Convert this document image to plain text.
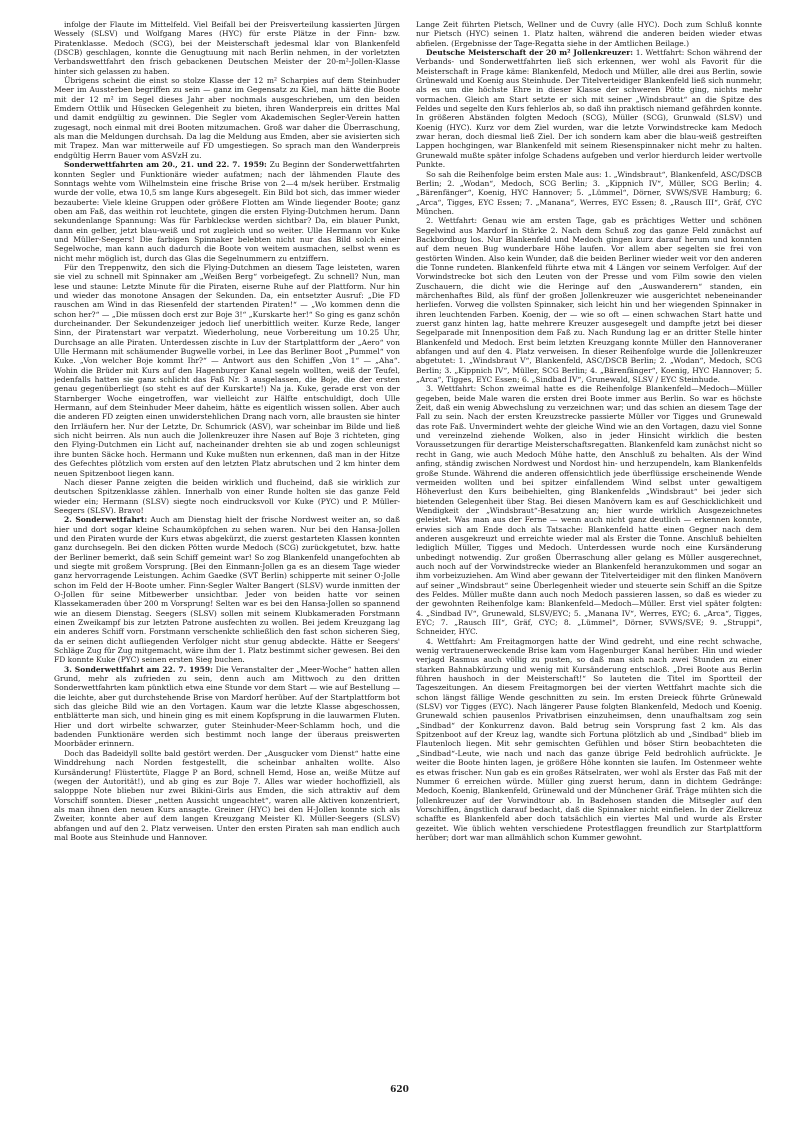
infolge der Flaute im Mittelfeld. Viel Beifall bei der Preisverteilung kassierten Jürgen Wessely (SLSV) und Wolfgang Mares (HYC) für erste Plätze in der Finn- bzw. Piratenklasse. Medoch (SCG), bei der Meisterschaft jedesmal klar von Blankenfeld (DSCB) geschlagen, konnte die Genugtuung mit nach Berlin nehmen, in der vorletzten Verbandswettfahrt den frisch gebackenen Deutschen Meister der 20-m²-Jollen-Klasse hinter sich gelassen zu haben.

Übrigens scheint die einst so stolze Klasse der 12 m² Scharpies auf dem Steinhuder Meer im Aussterben begriffen zu sein — ganz im Gegensatz zu Kiel, man hätte die Boote mit der 12 m² im Segel dieses Jahr aber nochmals ausgeschrieben, um den beiden Emdern Ottlik und Hüsecken Gelegenheit zu bieten, ihren Wanderpreis ein drittes Mal und damit endgültig zu gewinnen. Die Segler vom Akademischen Segler-Verein hatten zugesagt, noch einmal mit drei Booten mitzumachen. Groß war daher die Überraschung, als man die Meldungen durchsah. Da lag die Meldung aus Emden, aber sie avisierten sich mit Trapez. Man war mitterweile auf FD umgestiegen. So sprach man den Wanderpreis endgültig Herrn Bauer vom ASVzH zu.

Sonderwettfahrten am 20., 21. und 22. 7. 1959: Zu Beginn der Sonderwettfahrten konnten Segler und Funktionäre wieder aufatmen; nach der lähmenden Flaute des Sonntags wehte vom Wilhelmstein eine frische Brise von 2—4 m/sek herüber. Erstmalig wurde der volle, etwa 10,5 sm lange Kurs abgesegelt. Ein Bild bot sich, das immer wieder bezauberte: Viele kleine Gruppen oder größere Flotten am Winde liegender Boote; ganz oben am Faß, das weithin rot leuchtete, gingen die ersten Flying-Dutchmen herum. Dann sekundenlange Spannung: Was für Farbkleckse werden sichtbar? Da, ein blauer Punkt, dann ein gelber, jetzt blau-weiß und rot zugleich und so weiter. Ulle Hermann vor Kuke und Müller-Seegers! Die farbigen Spinnaker belebten nicht nur das Bild solch einer Segelwoche, man kann auch dadurch die Boote von weitem ausmachen, selbst wenn es nicht mehr möglich ist, durch das Glas die Segelnummern zu entziffern.

Für den Treppenwitz, den sich die Flying-Dutchmen an diesem Tage leisteten, waren sie viel zu schnell mit Spinnaker am „Weißen Berg“ vorbeigefegt. Zu schnell? Nun, man lese und staune: Letzte Minute für die Piraten, eiserne Ruhe auf der Plattform. Nur hin und wieder das monotone Ansagen der Sekunden. Da, ein entsetzter Ausruf: „Die FD rauschen am Wind in das Riesenfeld der startenden Piraten!“ — „Wo kommen denn die schon her?“ — „Die müssen doch erst zur Boje 3!“ „Kurskarte her!“ So ging es ganz schön durcheinander. Der Sekundenzeiger jedoch lief unerbittlich weiter. Kurze Rede, langer Sinn, der Piratenstart war verpatzt. Wiederholung, neue Vorbereitung um 10.25 Uhr, Durchsage an alle Piraten. Unterdessen zischte in Luv der Startplattform der „Aero“ von Ulle Hermann mit schäumender Bugwelle vorbei, in Lee das Berliner Boot „Pummel“ von Kuke. „Von welcher Boje kommt Ihr?“ — Antwort aus den Schiffen „Von 1“ — „Aha“. Wohin die Brüder mit Kurs auf den Hagenburger Kanal segeln wollten, weiß der Teufel, jedenfalls hatten sie ganz schlicht das Faß Nr. 3 ausgelassen, die Boje, die der ersten genau gegenüberliegt (so steht es auf der Kurskarte!) Na ja. Kuke, gerade erst von der Starnberger Woche eingetroffen, war vielleicht zur Hälfte entschuldigt, doch Ulle Hermann, auf dem Steinhuder Meer daheim, hätte es eigentlich wissen sollen. Aber auch die anderen FD zeigten einen unwiderstehlichen Drang nach vorn, alle brausten sie hinter den Irrläufern her. Nur der Letzte, Dr. Schumrick (ASV), war scheinbar im Bilde und ließ sich nicht beirren. Als nun auch die Jollenkreuzer ihre Nasen auf Boje 3 richteten, ging den Flying-Dutchmen ein Licht auf, nacheinander drehten sie ab und zogen schleunigst ihre bunten Säcke hoch. Hermann und Kuke mußten nun erkennen, daß man in der Hitze des Gefechtes plötzlich vom ersten auf den letzten Platz abrutschen und 2 km hinter dem neuen Spitzenboot liegen kann.

Nach dieser Panne zeigten die beiden wirklich und flucheind, daß sie wirklich zur deutschen Spitzenklasse zählen. Innerhalb von einer Runde holten sie das ganze Feld wieder ein; Hermann (SLSV) siegte noch eindrucksvoll vor Kuke (PYC) und P. Müller-Seegers (SLSV). Bravo!

2. Sonderwettfahrt: Auch am Dienstag hielt der frische Nordwest weiter an, so daß hier und dort sogar kleine Schaumköpfchen zu sehen waren. Nur bei den Hansa-Jollen und den Piraten wurde der Kurs etwas abgekürzt, die zuerst gestarteten Klassen konnten ganz durchsegeln. Bei den dicken Pötten wurde Medoch (SCG) zurückgetutet, bzw. hatte der Berliner bemerkt, daß sein Schiff gemeint war! So zog Blankenfeld unangefochten ab und siegte mit großem Vorsprung. [Bei den Einmann-Jollen ga es an diesem Tage wieder ganz hervorragende Leistungen. Achim Gaedke (SVT Berlin) schipperte mit seiner O-Jolle schon im Feld der H-Boote umher. Finn-Segler Walter Bangert (SLSV) wurde inmitten der O-Jollen für seine Mitbewerber unsichtbar. Jeder von beiden hatte vor seinen Klassekameraden über 200 m Vorsprung! Selten war es bei den Hansa-Jollen so spannend wie an diesem Dienstag. Seegers (SLSV) sollen mit seinem Klubkameraden Forstmann einen Zweikampf bis zur letzten Patrone ausfechten zu wollen. Bei jedem Kreuzgang lag ein anderes Schiff vorn. Forstmann verschenkte schließlich den fast schon sicheren Sieg, da er seinen dicht aufliegenden Verfolger nicht stur genug abdeckte. Hätte er Seegers' Schläge Zug für Zug mitgemacht, wäre ihm der 1. Platz bestimmt sicher gewesen. Bei den FD konnte Kuke (PYC) seinen ersten Sieg buchen.

3. Sonderwettfahrt am 22. 7. 1959: Die Veranstalter der „Meer-Woche“ hatten allen Grund, mehr als zufrieden zu sein, denn auch am Mittwoch zu den dritten Sonderwettfahrten kam pünktlich etwa eine Stunde vor dem Start — wie auf Bestellung — die leichte, aber gut durchstehende Brise von Mardorf herüber. Auf der Startplattform bot sich das gleiche Bild wie an den Vortagen. Kaum war die letzte Klasse abgeschossen, entblätterte man sich, und hinein ging es mit einem Kopfsprung in die lauwarmen Fluten. Hier und dort wirbelte schwarzer, guter Steinhuder-Meer-Schlamm hoch, und die badenden Funktionäre werden sich bestimmt noch lange der überaus preiswerten Moorbäder erinnern.

Doch das Badeidyll sollte bald gestört werden. Der „Ausgucker vom Dienst“ hatte eine Winddrehung nach Norden festgestellt, die scheinbar anhalten wollte. Also Kursänderung! Flüstertüte, Flagge P an Bord, schnell Hemd, Hose an, weiße Mütze auf (wegen der Autorität!), und ab ging es zur Boje 7. Alles war wieder hochoffiziell, als salopppe Note blieben nur zwei Bikini-Girls aus Emden, die sich attraktiv auf dem Vorschiff sonnten. Dieser „netten Aussicht ungeachtet“, waren alle Aktiven konzentriert, als man ihnen den neuen Kurs ansagte. Greiner (HYC) bei den H-Jollen konnte sich als Zweiter, konnte aber auf dem langen Kreuzgang Meister Kl. Müller-Seegers (SLSV) abfangen und auf den 2. Platz verweisen. Unter den ersten Piraten sah man endlich auch mal Boote aus Steinhude und Hannover.

Lange Zeit führten Pietsch, Wellner und de Cuvry (alle HYC). Doch zum Schluß konnte nur Pietsch (HYC) seinen 1. Platz halten, während die anderen beiden wieder etwas abfielen. (Ergebnisse der Tage-Regatta siehe in der Amtlichen Beilage.)

Deutsche Meisterschaft der 20 m² Jollenkreuzer: 1. Wettfahrt: Schon während der Verbands- und Sonderwettfahrten ließ sich erkennen, wer wohl als Favorit für die Meisterschaft in Frage käme: Blankenfeld, Medoch und Müller, alle drei aus Berlin, sowie Grünewald und Koenig aus Steinhude. Der Titelverteidiger Blankenfeld ließ sich nunmehr, als es um die höchste Ehre in dieser Klasse der schweren Pötte ging, nichts mehr vormachen. Gleich am Start setzte er sich mit seiner „Windsbraut“ an die Spitze des Feldes und segelte den Kurs fehlerlos ab, so daß ihn praktisch niemand gefährden konnte. In größeren Abständen folgten Medoch (SCG), Müller (SCG), Grunwald (SLSV) und Koenig (HYC). Kurz vor dem Ziel wurden, war die letzte Vorwindstrecke kam Medoch zwar heran, doch diesmal ließ Ziel. Der ich sondern kam aber die blau-weiß gestreiften Lappen hochgingen, war Blankenfeld mit seinem Riesenspinnaker nicht mehr zu halten. Grunewald mußte später infolge Schadens aufgeben und verlor hierdurch leider wertvolle Punkte.

So sah die Reihenfolge beim ersten Male aus: 1. „Windsbraut“, Blankenfeld, ASC/DSCB Berlin; 2. „Wodan“, Medoch, SCG Berlin; 3. „Kippnich IV“, Müller, SCG Berlin; 4. „Bärenfänger“, Koenig, HYC Hannover; 5. „Lümmel“, Dörner, SVWS/SVE Hamburg; 6. „Arca“, Tigges, EYC Essen; 7. „Manana“, Werres, EYC Essen; 8. „Rausch III“, Gräf, CYC München.

2. Wettfahrt: Genau wie am ersten Tage, gab es prächtiges Wetter und schönen Segelwind aus Mardorf in Stärke 2. Nach dem Schuß zog das ganze Feld zunächst auf Backbordbug los. Nur Blankenfeld und Medoch gingen kurz darauf herum und konnten auf dem neuen Bug wunderbare Höhe laufen. Vor allem aber segelten sie frei von gestörten Winden. Also kein Wunder, daß die beiden Berliner wieder weit vor den anderen die Tonne rundeten. Blankenfeld führte etwa mit 4 Längen vor seinem Verfolger. Auf der Vorwindstrecke bot sich den Leuten von der Presse und vom Film sowie den vielen Zuschauern, die dicht wie die Heringe auf den „Auswanderern“ standen, ein märchenhaftes Bild, als fünf der großen Jollenkreuzer wie ausgerichtet nebeneinander herliefen. Vorweg die vollsten Spinnaker, sich leicht hin und her wiegenden Spinnaker in ihren leuchtenden Farben. Koenig, der — wie so oft — einen schwachen Start hatte und zuerst ganz hinten lag, hatte mehrere Kreuzer ausgesegelt und dampfte jetzt bei dieser Segelparade mit Innenposition dem Faß zu. Nach Rundung lag er an dritter Stelle hinter Blankenfeld und Medoch. Erst beim letzten Kreuzgang konnte Müller den Hannoveraner abfangen und auf den 4. Platz verweisen. In dieser Reihenfolge wurde die Jollenkreuzer abgetutet: 1. „Windsbraut V“, Blankenfeld, ASC/DSCB Berlin; 2. „Wodan“, Medoch, SCG Berlin; 3. „Kippnich IV“, Müller, SCG Berlin; 4. „Bärenfänger“, Koenig, HYC Hannover; 5. „Arca“, Tigges, EYC Essen; 6. „Sindbad IV“, Grunewald, SLSV / EYC Steinhude.

3. Wettfahrt: Schon zweimal hatte es die Reihenfolge Blankenfeld—Medoch—Müller gegeben, beide Male waren die ersten drei Boote immer aus Berlin. So war es höchste Zeit, daß ein wenig Abwechslung zu verzeichnen war; und das schien an diesem Tage der Fall zu sein. Nach der ersten Kreuzstrecke passierte Müller vor Tigges und Grunewald das rote Faß. Unvermindert wehte der gleiche Wind wie an den Vortagen, dazu viel Sonne und vereinzelnd ziehende Wolken, also in jeder Hinsicht wirklich die besten Voraussetzungen für derartige Meisterschaftsregatten. Blankenfeld kam zunächst nicht so recht in Gang, wie auch Medoch Mühe hatte, den Anschluß zu behalten. Als der Wind anfing, ständig zwischen Nordwest und Nordost hin- und herzupendeln, kam Blankenfelds große Stunde. Während die anderen offensichtlich jede überflüssige erscheinende Wende vermeiden wollten und bei spitzer einfallendem Wind selbst unter gewaltigem Höheverlust den Kurs beibehielten, ging Blankenfelds „Windsbraut“ bei jeder sich bietenden Gelegenheit über Stag. Bei diesen Manövern kam es auf Geschicklichkeit und Wendigkeit der „Windsbraut“-Besatzung an; hier wurde wirklich Ausgezeichnetes geleistet. Was man aus der Ferne — wenn auch nicht ganz deutlich — erkennen konnte, erwies sich am Ende doch als Tatsache: Blankenfeld hatte einen Gegner nach dem anderen ausgekreuzt und erreichte wieder mal als Erster die Tonne. Anschluß behielten lediglich Müller, Tigges und Medoch. Unterdessen wurde noch eine Kursänderung unbedingt notwendig. Zur großen Überraschung aller gelang es Müller ausgerechnet, auch noch auf der Vorwindstrecke wieder an Blankenfeld heranzukommen und sogar an ihm vorbeizuziehen. Am Wind aber gewann der Titelverteidiger mit den flinken Manövern auf seiner „Windsbraut“ seine Überlegenheit wieder und steuerte sein Schiff an die Spitze des Feldes. Müller mußte dann auch noch Medoch passieren lassen, so daß es wieder zu der gewohnten Reihenfolge kam: Blankenfeld—Medoch—Müller. Erst viel später folgten: 4. „Sindbad IV“, Grunewald, SLSV/EYC; 5. „Manana IV“, Werres, EYC; 6. „Arca“, Tigges, EYC; 7. „Rausch III“, Gräf, CYC; 8. „Lümmel“, Dörner, SVWS/SVE; 9. „Struppi“, Schneider, HYC.

4. Wettfahrt: Am Freitagmorgen hatte der Wind gedreht, und eine recht schwache, wenig vertrauenerweckende Brise kam vom Hagenburger Kanal herüber. Hin und wieder verjagd Rasmus auch völlig zu pusten, so daß man sich nach zwei Stunden zu einer starken Bahnabkürzung und wenig mit Kursänderung entschloß. „Drei Boote aus Berlin führen haushoch in der Meisterschaft!“ So lauteten die Titel im Sportteil der Tageszeitungen. An diesem Freitagmorgen bei der vierten Wettfahrt machte sich die schon längst fällige Wende geschnitten zu sein. Im ersten Dreieck führte Grünewald (SLSV) vor Tigges (EYC). Nach längerer Pause folgten Blankenfeld, Medoch und Koenig. Grunewald schien pausenlos Privatbrisen einzuheimsen, denn unaufhaltsam zog sein „Sindbad“ der Konkurrenz davon. Bald betrug sein Vorsprung fast 2 km. Als das Spitzenboot auf der Kreuz lag, wandte sich Fortuna plötzlich ab und „Sindbad“ blieb im Flautenloch liegen. Mit sehr gemischten Gefühlen und böser Stirn beobachteten die „Sindbad“-Leute, wie nach und nach das ganze übrige Feld bedrohlich aufrückte. Je weiter die Boote hinten lagen, je größere Höhe konnten sie laufen. Im Ostenmeer wehte es etwas frischer. Nun gab es ein großes Rätselraten, wer wohl als Erster das Faß mit der Nummer 6 erreichen würde. Müller ging zuerst herum, dann in dichtem Gedränge: Medoch, Koenig, Blankenfeld, Grünewald und der Münchener Gräf. Träge mühten sich die Jollenkreuzer auf der Vorwindtour ab. In Badehosen standen die Mitsegler auf den Vorschiffen, ängstlich darauf bedacht, daß die Spinnaker nicht einfielen. In der Zielkreuz schaffte es Blankenfeld aber doch tatsächlich ein viertes Mal und wurde als Erster gezeitet. Wie üblich wehten verschiedene Protestflaggen freundlich zur Startplattform herüber; dort war man allmählich schon Kummer gewohnt.

620
